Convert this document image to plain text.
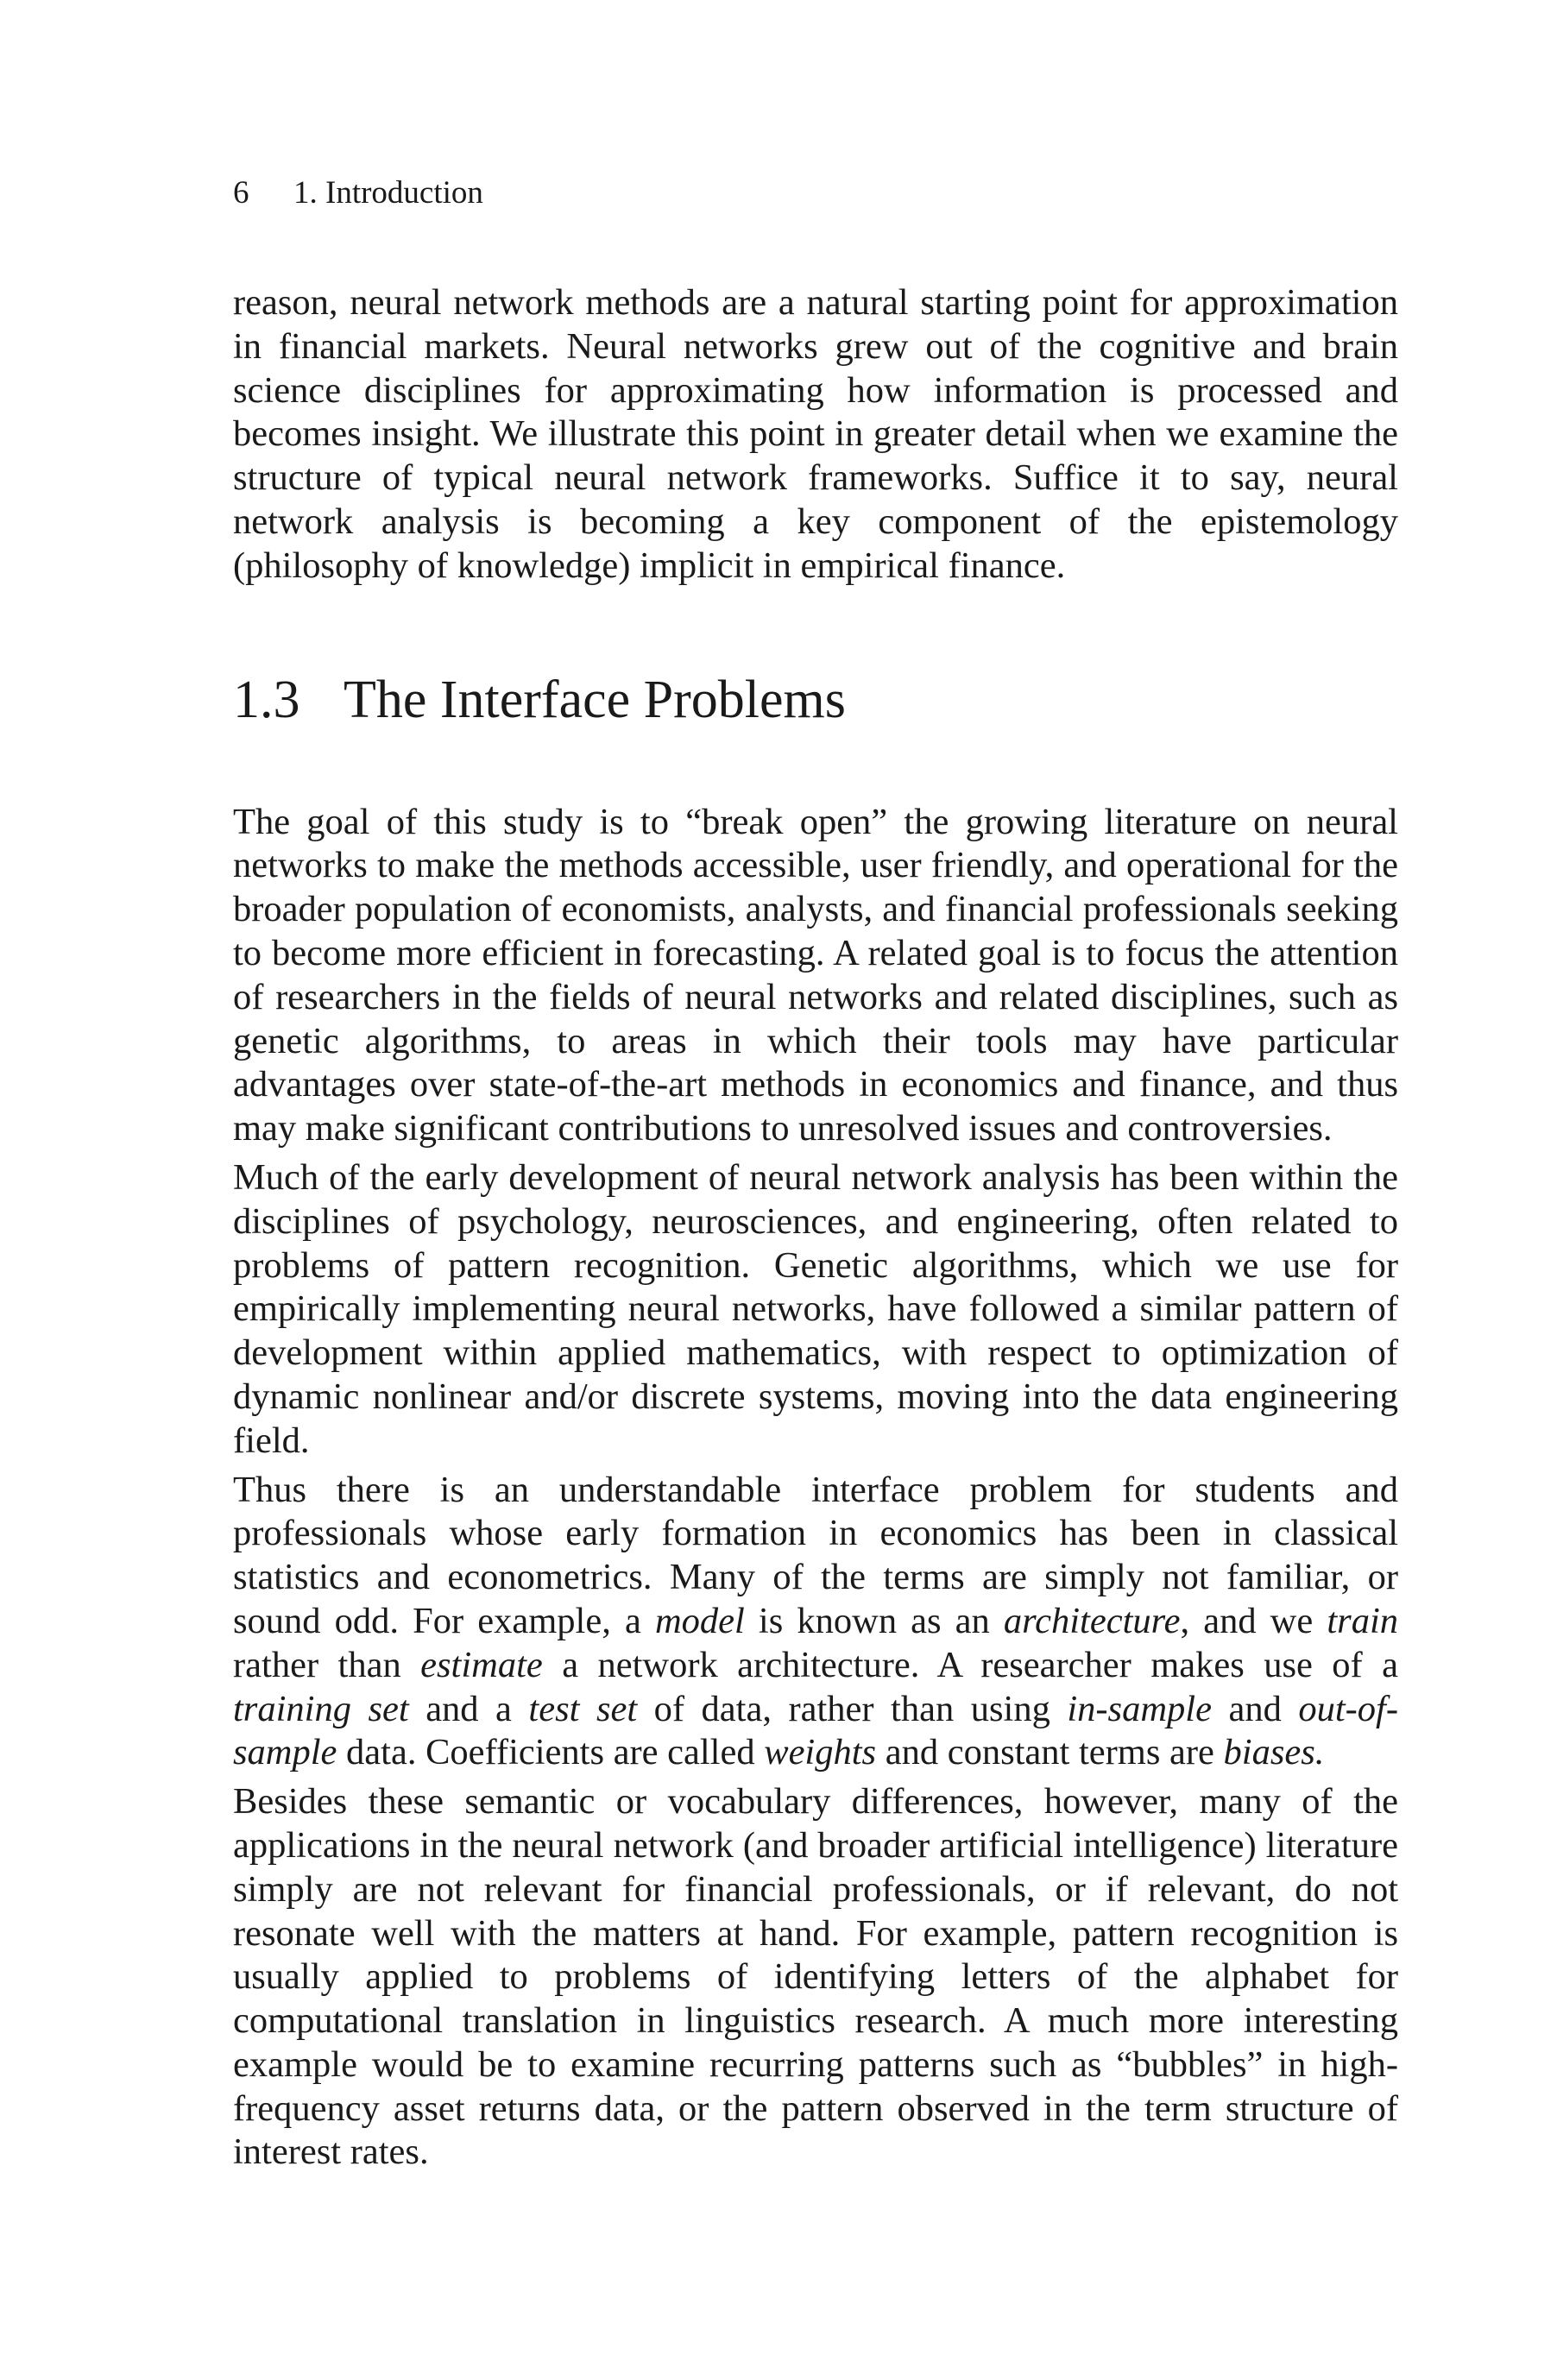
6 1. Introduction

reason, neural network methods are a natural starting point for approximation in financial markets. Neural networks grew out of the cognitive and brain science disciplines for approximating how information is processed and becomes insight. We illustrate this point in greater detail when we examine the structure of typical neural network frameworks. Suffice it to say, neural network analysis is becoming a key component of the epistemology (philosophy of knowledge) implicit in empirical finance.

1.3 The Interface Problems

The goal of this study is to “break open” the growing literature on neural networks to make the methods accessible, user friendly, and operational for the broader population of economists, analysts, and financial professionals seeking to become more efficient in forecasting. A related goal is to focus the attention of researchers in the fields of neural networks and related disciplines, such as genetic algorithms, to areas in which their tools may have particular advantages over state-of-the-art methods in economics and finance, and thus may make significant contributions to unresolved issues and controversies.

Much of the early development of neural network analysis has been within the disciplines of psychology, neurosciences, and engineering, often related to problems of pattern recognition. Genetic algorithms, which we use for empirically implementing neural networks, have followed a similar pattern of development within applied mathematics, with respect to optimization of dynamic nonlinear and/or discrete systems, moving into the data engineering field.

Thus there is an understandable interface problem for students and professionals whose early formation in economics has been in classical statistics and econometrics. Many of the terms are simply not familiar, or sound odd. For example, a model is known as an architecture, and we train rather than estimate a network architecture. A researcher makes use of a training set and a test set of data, rather than using in-sample and out-of-sample data. Coefficients are called weights and constant terms are biases.

Besides these semantic or vocabulary differences, however, many of the applications in the neural network (and broader artificial intelligence) literature simply are not relevant for financial professionals, or if relevant, do not resonate well with the matters at hand. For example, pattern recognition is usually applied to problems of identifying letters of the alphabet for computational translation in linguistics research. A much more interesting example would be to examine recurring patterns such as “bubbles” in high-frequency asset returns data, or the pattern observed in the term structure of interest rates.
